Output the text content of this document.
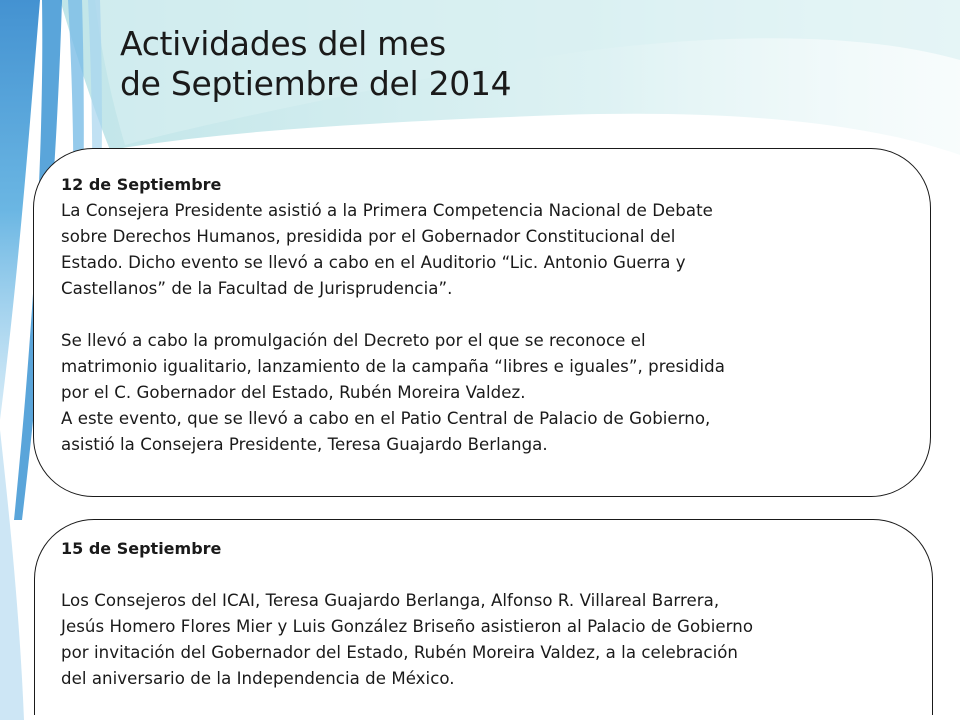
Actividades del mes
de Septiembre del 2014
12 de Septiembre
La Consejera Presidente asistió a la Primera Competencia Nacional de Debate
sobre Derechos Humanos, presidida por el Gobernador Constitucional del
Estado. Dicho evento se llevó a cabo en el Auditorio “Lic. Antonio Guerra y
Castellanos” de la Facultad de Jurisprudencia”.
Se llevó a cabo la promulgación del Decreto por el que se reconoce el
matrimonio igualitario, lanzamiento de la campaña “libres e iguales”, presidida
por el C. Gobernador del Estado, Rubén Moreira Valdez.
A este evento, que se llevó a cabo en el Patio Central de Palacio de Gobierno,
asistió la Consejera Presidente, Teresa Guajardo Berlanga.
15 de Septiembre
Los Consejeros del ICAI, Teresa Guajardo Berlanga, Alfonso R. Villareal Barrera,
Jesús Homero Flores Mier y Luis González Briseño asistieron al Palacio de Gobierno
por invitación del Gobernador del Estado, Rubén Moreira Valdez, a la celebración
del aniversario de la Independencia de México.
